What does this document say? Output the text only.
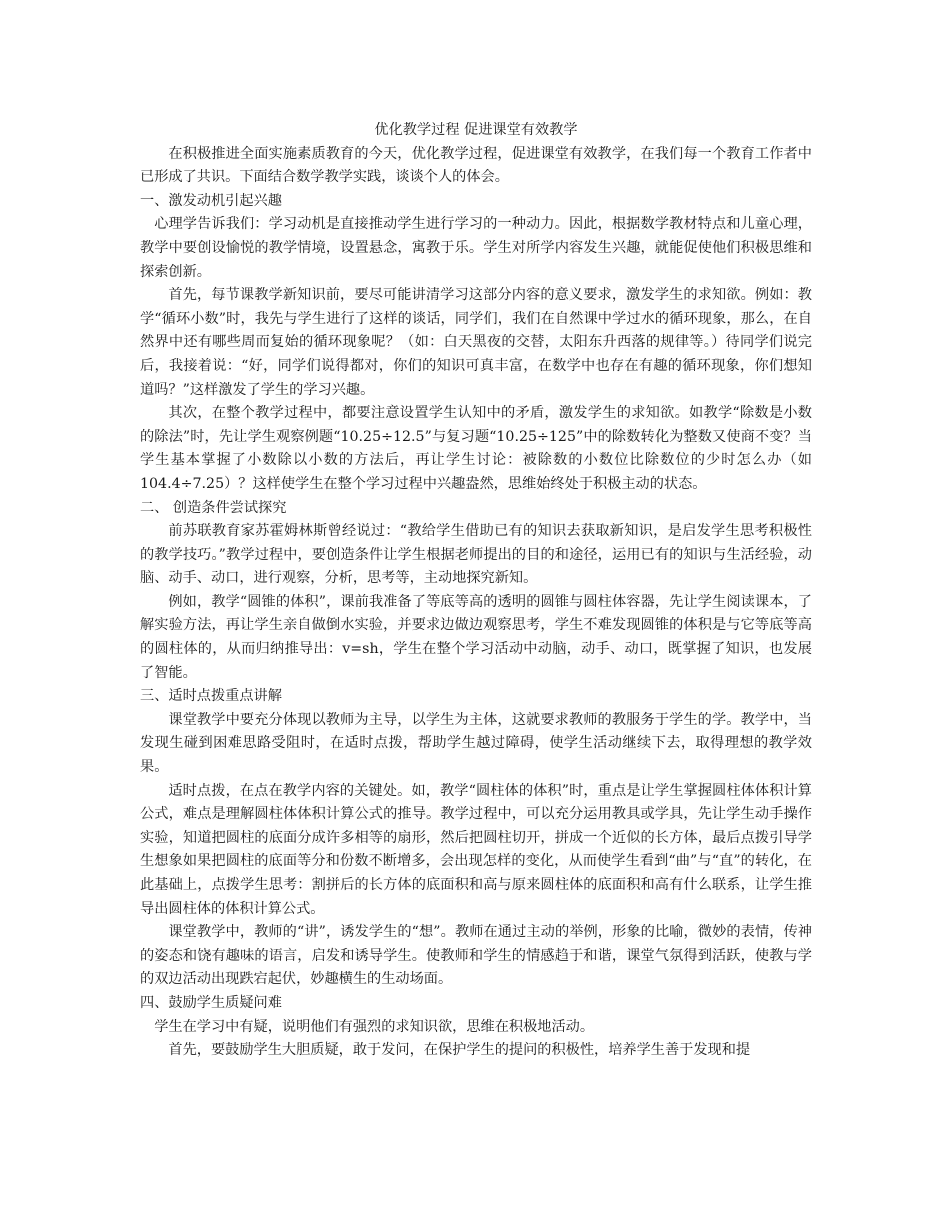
优化教学过程 促进课堂有效教学

在积极推进全面实施素质教育的今天，优化教学过程，促进课堂有效教学，在我们每一个教育工作者中已形成了共识。下面结合数学教学实践，谈谈个人的体会。

一、激发动机引起兴趣

心理学告诉我们：学习动机是直接推动学生进行学习的一种动力。因此，根据数学教材特点和儿童心理，教学中要创设愉悦的教学情境，设置悬念，寓教于乐。学生对所学内容发生兴趣，就能促使他们积极思维和探索创新。

首先，每节课教学新知识前，要尽可能讲清学习这部分内容的意义要求，激发学生的求知欲。例如：教学“循环小数”时，我先与学生进行了这样的谈话，同学们，我们在自然课中学过水的循环现象，那么，在自然界中还有哪些周而复始的循环现象呢？（如：白天黑夜的交替，太阳东升西落的规律等。）待同学们说完后，我接着说：“好，同学们说得都对，你们的知识可真丰富，在数学中也存在有趣的循环现象，你们想知道吗？”这样激发了学生的学习兴趣。

其次，在整个教学过程中，都要注意设置学生认知中的矛盾，激发学生的求知欲。如教学“除数是小数的除法”时，先让学生观察例题“10.25÷12.5”与复习题“10.25÷125”中的除数转化为整数又使商不变？当学生基本掌握了小数除以小数的方法后，再让学生讨论：被除数的小数位比除数位的少时怎么办（如 104.4÷7.25）？这样使学生在整个学习过程中兴趣盎然，思维始终处于积极主动的状态。

二、 创造条件尝试探究

前苏联教育家苏霍姆林斯曾经说过：“教给学生借助已有的知识去获取新知识，是启发学生思考积极性的教学技巧。”教学过程中，要创造条件让学生根据老师提出的目的和途径，运用已有的知识与生活经验，动脑、动手、动口，进行观察，分析，思考等，主动地探究新知。

例如，教学“圆锥的体积”，课前我准备了等底等高的透明的圆锥与圆柱体容器，先让学生阅读课本，了解实验方法，再让学生亲自做倒水实验，并要求边做边观察思考，学生不难发现圆锥的体积是与它等底等高的圆柱体的，从而归纳推导出：v=sh，学生在整个学习活动中动脑，动手、动口，既掌握了知识，也发展了智能。

三、适时点拨重点讲解

课堂教学中要充分体现以教师为主导，以学生为主体，这就要求教师的教服务于学生的学。教学中，当发现生碰到困难思路受阻时，在适时点拨，帮助学生越过障碍，使学生活动继续下去，取得理想的教学效果。

适时点拨，在点在教学内容的关键处。如，教学“圆柱体的体积”时，重点是让学生掌握圆柱体体积计算公式，难点是理解圆柱体体积计算公式的推导。教学过程中，可以充分运用教具或学具，先让学生动手操作实验，知道把圆柱的底面分成许多相等的扇形，然后把圆柱切开，拼成一个近似的长方体，最后点拨引导学生想象如果把圆柱的底面等分和份数不断增多，会出现怎样的变化，从而使学生看到“曲”与“直”的转化，在此基础上，点拨学生思考：割拼后的长方体的底面积和高与原来圆柱体的底面积和高有什么联系，让学生推导出圆柱体的体积计算公式。

课堂教学中，教师的“讲”，诱发学生的“想”。教师在通过主动的举例，形象的比喻，微妙的表情，传神的姿态和饶有趣味的语言，启发和诱导学生。使教师和学生的情感趋于和谐，课堂气氛得到活跃，使教与学的双边活动出现跌宕起伏，妙趣横生的生动场面。

四、鼓励学生质疑问难

学生在学习中有疑，说明他们有强烈的求知识欲，思维在积极地活动。

首先，要鼓励学生大胆质疑，敢于发问，在保护学生的提问的积极性，培养学生善于发现和提
